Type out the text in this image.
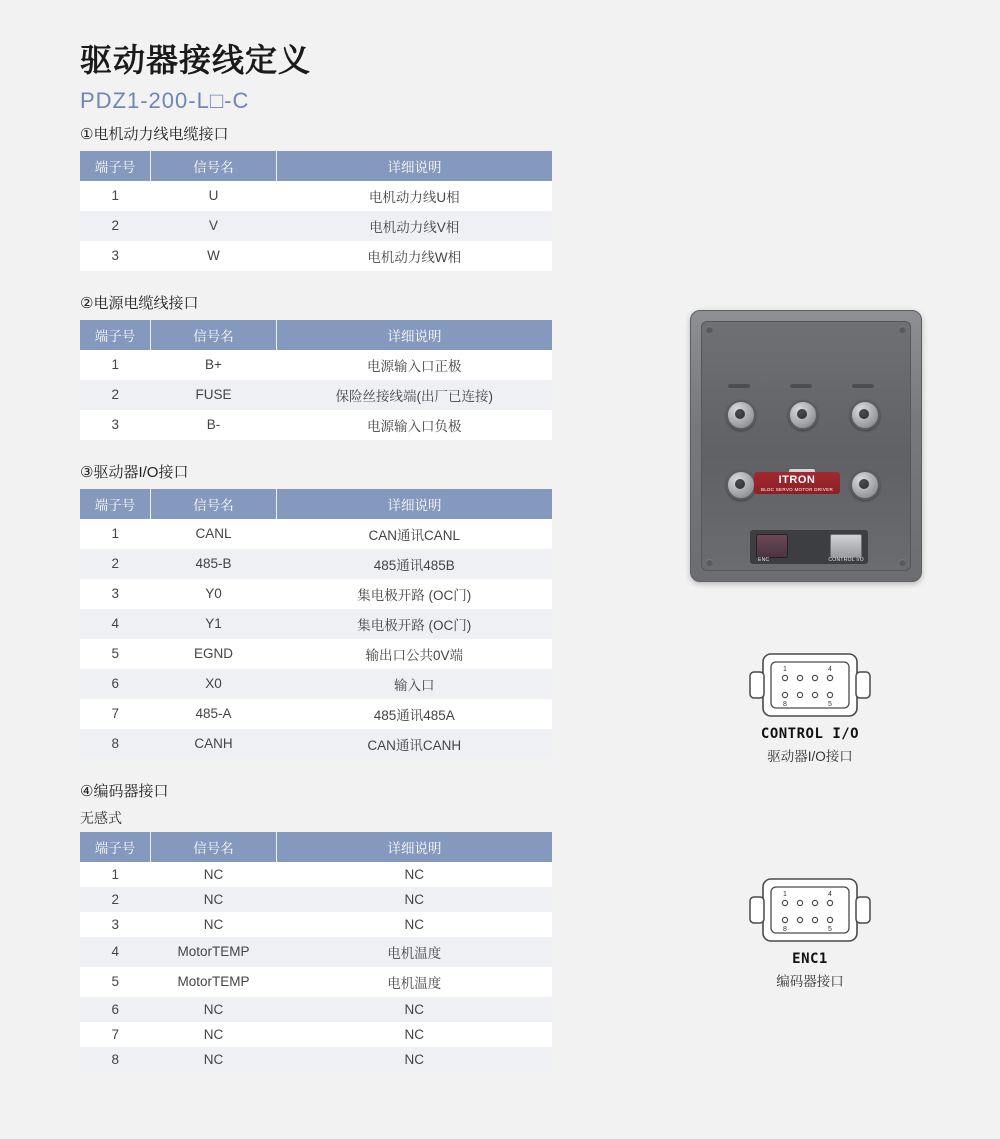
驱动器接线定义
PDZ1-200-L□-C
①电机动力线电缆接口
端子号	信号名	详细说明
1	U	电机动力线U相
2	V	电机动力线V相
3	W	电机动力线W相
②电源电缆线接口
端子号	信号名	详细说明
1	B+	电源输入口正极
2	FUSE	保险丝接线端(出厂已连接)
3	B-	电源输入口负极
③驱动器I/O接口
端子号	信号名	详细说明
1	CANL	CAN通讯CANL
2	485-B	485通讯485B
3	Y0	集电极开路 (OC门)
4	Y1	集电极开路 (OC门)
5	EGND	输出口公共0V端
6	X0	输入口
7	485-A	485通讯485A
8	CANH	CAN通讯CANH
④编码器接口
无感式
端子号	信号名	详细说明
1	NC	NC
2	NC	NC
3	NC	NC
4	MotorTEMP	电机温度
5	MotorTEMP	电机温度
6	NC	NC
7	NC	NC
8	NC	NC
ITRON
BLDC SERVO MOTOR DRIVER
ENC	CONTROL I/O
1	4
8	5
CONTROL I/O
驱动器I/O接口
1	4
8	5
ENC1
编码器接口
